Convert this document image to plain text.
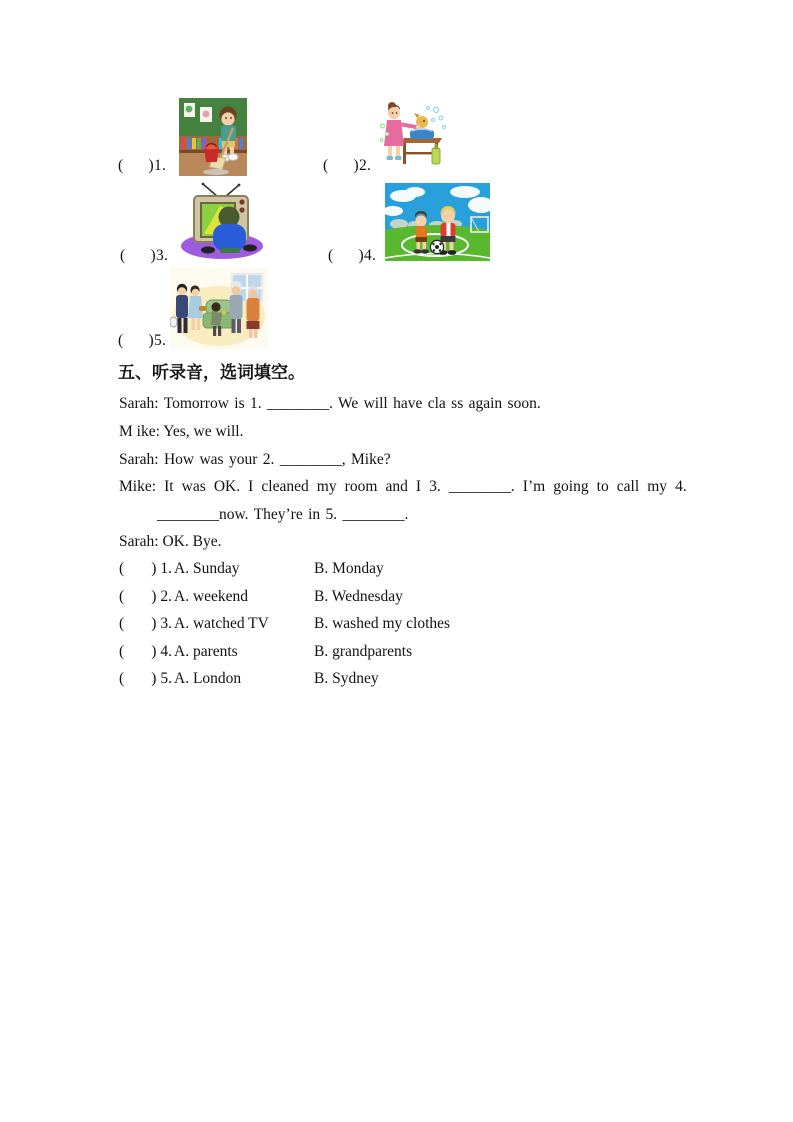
(      )1.	(      )2.
(      )3.	(      )4.
(      )5.
五、听录音，选词填空。
Sarah: Tomorrow is 1. ________. We will have cla ss again soon.
M ike: Yes, we will.
Sarah: How was your 2. ________, Mike?
Mike: It was OK. I cleaned my room and I 3. ________. I’m going to call my 4.
________now. They’re in 5. ________.
Sarah: OK. Bye.
(       ) 1. A. Sunday	B. Monday
(       ) 2. A. weekend	B. Wednesday
(       ) 3. A. watched TV	B. washed my clothes
(       ) 4. A. parents	B. grandparents
(       ) 5. A. London	B. Sydney
